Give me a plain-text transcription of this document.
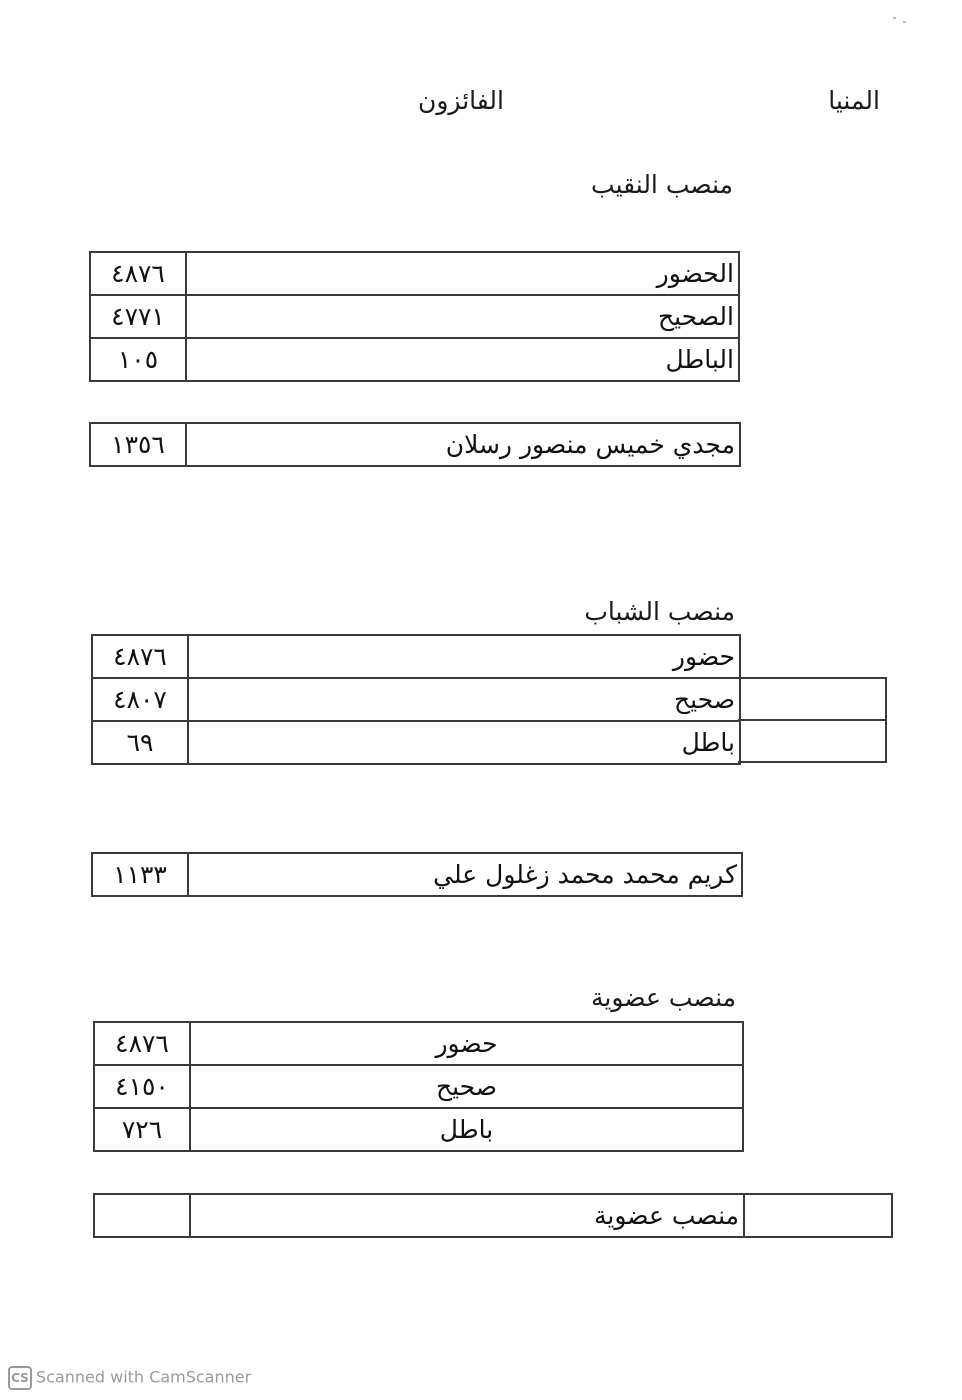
المنيا
الفائزون
منصب النقيب
٤٨٧٦	الحضور
٤٧٧١	الصحيح
١٠٥	الباطل
١٣٥٦	مجدي خميس منصور رسلان
منصب الشباب
٤٨٧٦	حضور
٤٨٠٧	صحيح
٦٩	باطل
١١٣٣	كريم محمد محمد زغلول علي
منصب عضوية
٤٨٧٦	حضور
٤١٥٠	صحيح
٧٢٦	باطل
	منصب عضوية	
CS Scanned with CamScanner
